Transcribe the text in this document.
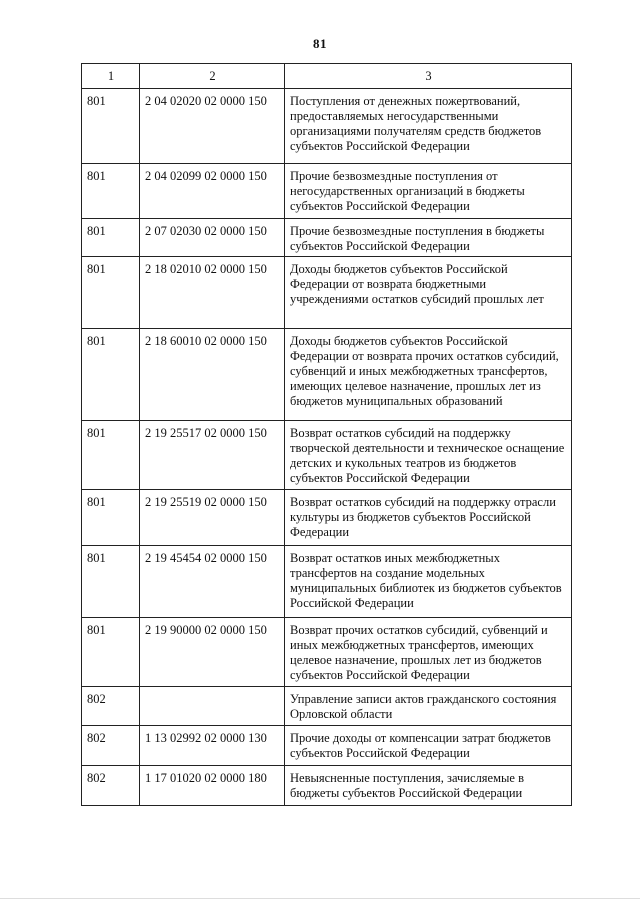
81
1	2	3
801	2 04 02020 02 0000 150	Поступления от денежных пожертвований, предоставляемых негосударственными организациями получателям средств бюджетов субъектов Российской Федерации
801	2 04 02099 02 0000 150	Прочие безвозмездные поступления от негосударственных организаций в бюджеты субъектов Российской Федерации
801	2 07 02030 02 0000 150	Прочие безвозмездные поступления в бюджеты субъектов Российской Федерации
801	2 18 02010 02 0000 150	Доходы бюджетов субъектов Российской Федерации от возврата бюджетными учреждениями остатков субсидий прошлых лет
801	2 18 60010 02 0000 150	Доходы бюджетов субъектов Российской Федерации от возврата прочих остатков субсидий, субвенций и иных межбюджетных трансфертов, имеющих целевое назначение, прошлых лет из бюджетов муниципальных образований
801	2 19 25517 02 0000 150	Возврат остатков субсидий на поддержку творческой деятельности и техническое оснащение детских и кукольных театров из бюджетов субъектов Российской Федерации
801	2 19 25519 02 0000 150	Возврат остатков субсидий на поддержку отрасли культуры из бюджетов субъектов Российской Федерации
801	2 19 45454 02 0000 150	Возврат остатков иных межбюджетных трансфертов на создание модельных муниципальных библиотек из бюджетов субъектов Российской Федерации
801	2 19 90000 02 0000 150	Возврат прочих остатков субсидий, субвенций и иных межбюджетных трансфертов, имеющих целевое назначение, прошлых лет из бюджетов субъектов Российской Федерации
802		Управление записи актов гражданского состояния Орловской области
802	1 13 02992 02 0000 130	Прочие доходы от компенсации затрат бюджетов субъектов Российской Федерации
802	1 17 01020 02 0000 180	Невыясненные поступления, зачисляемые в бюджеты субъектов Российской Федерации
